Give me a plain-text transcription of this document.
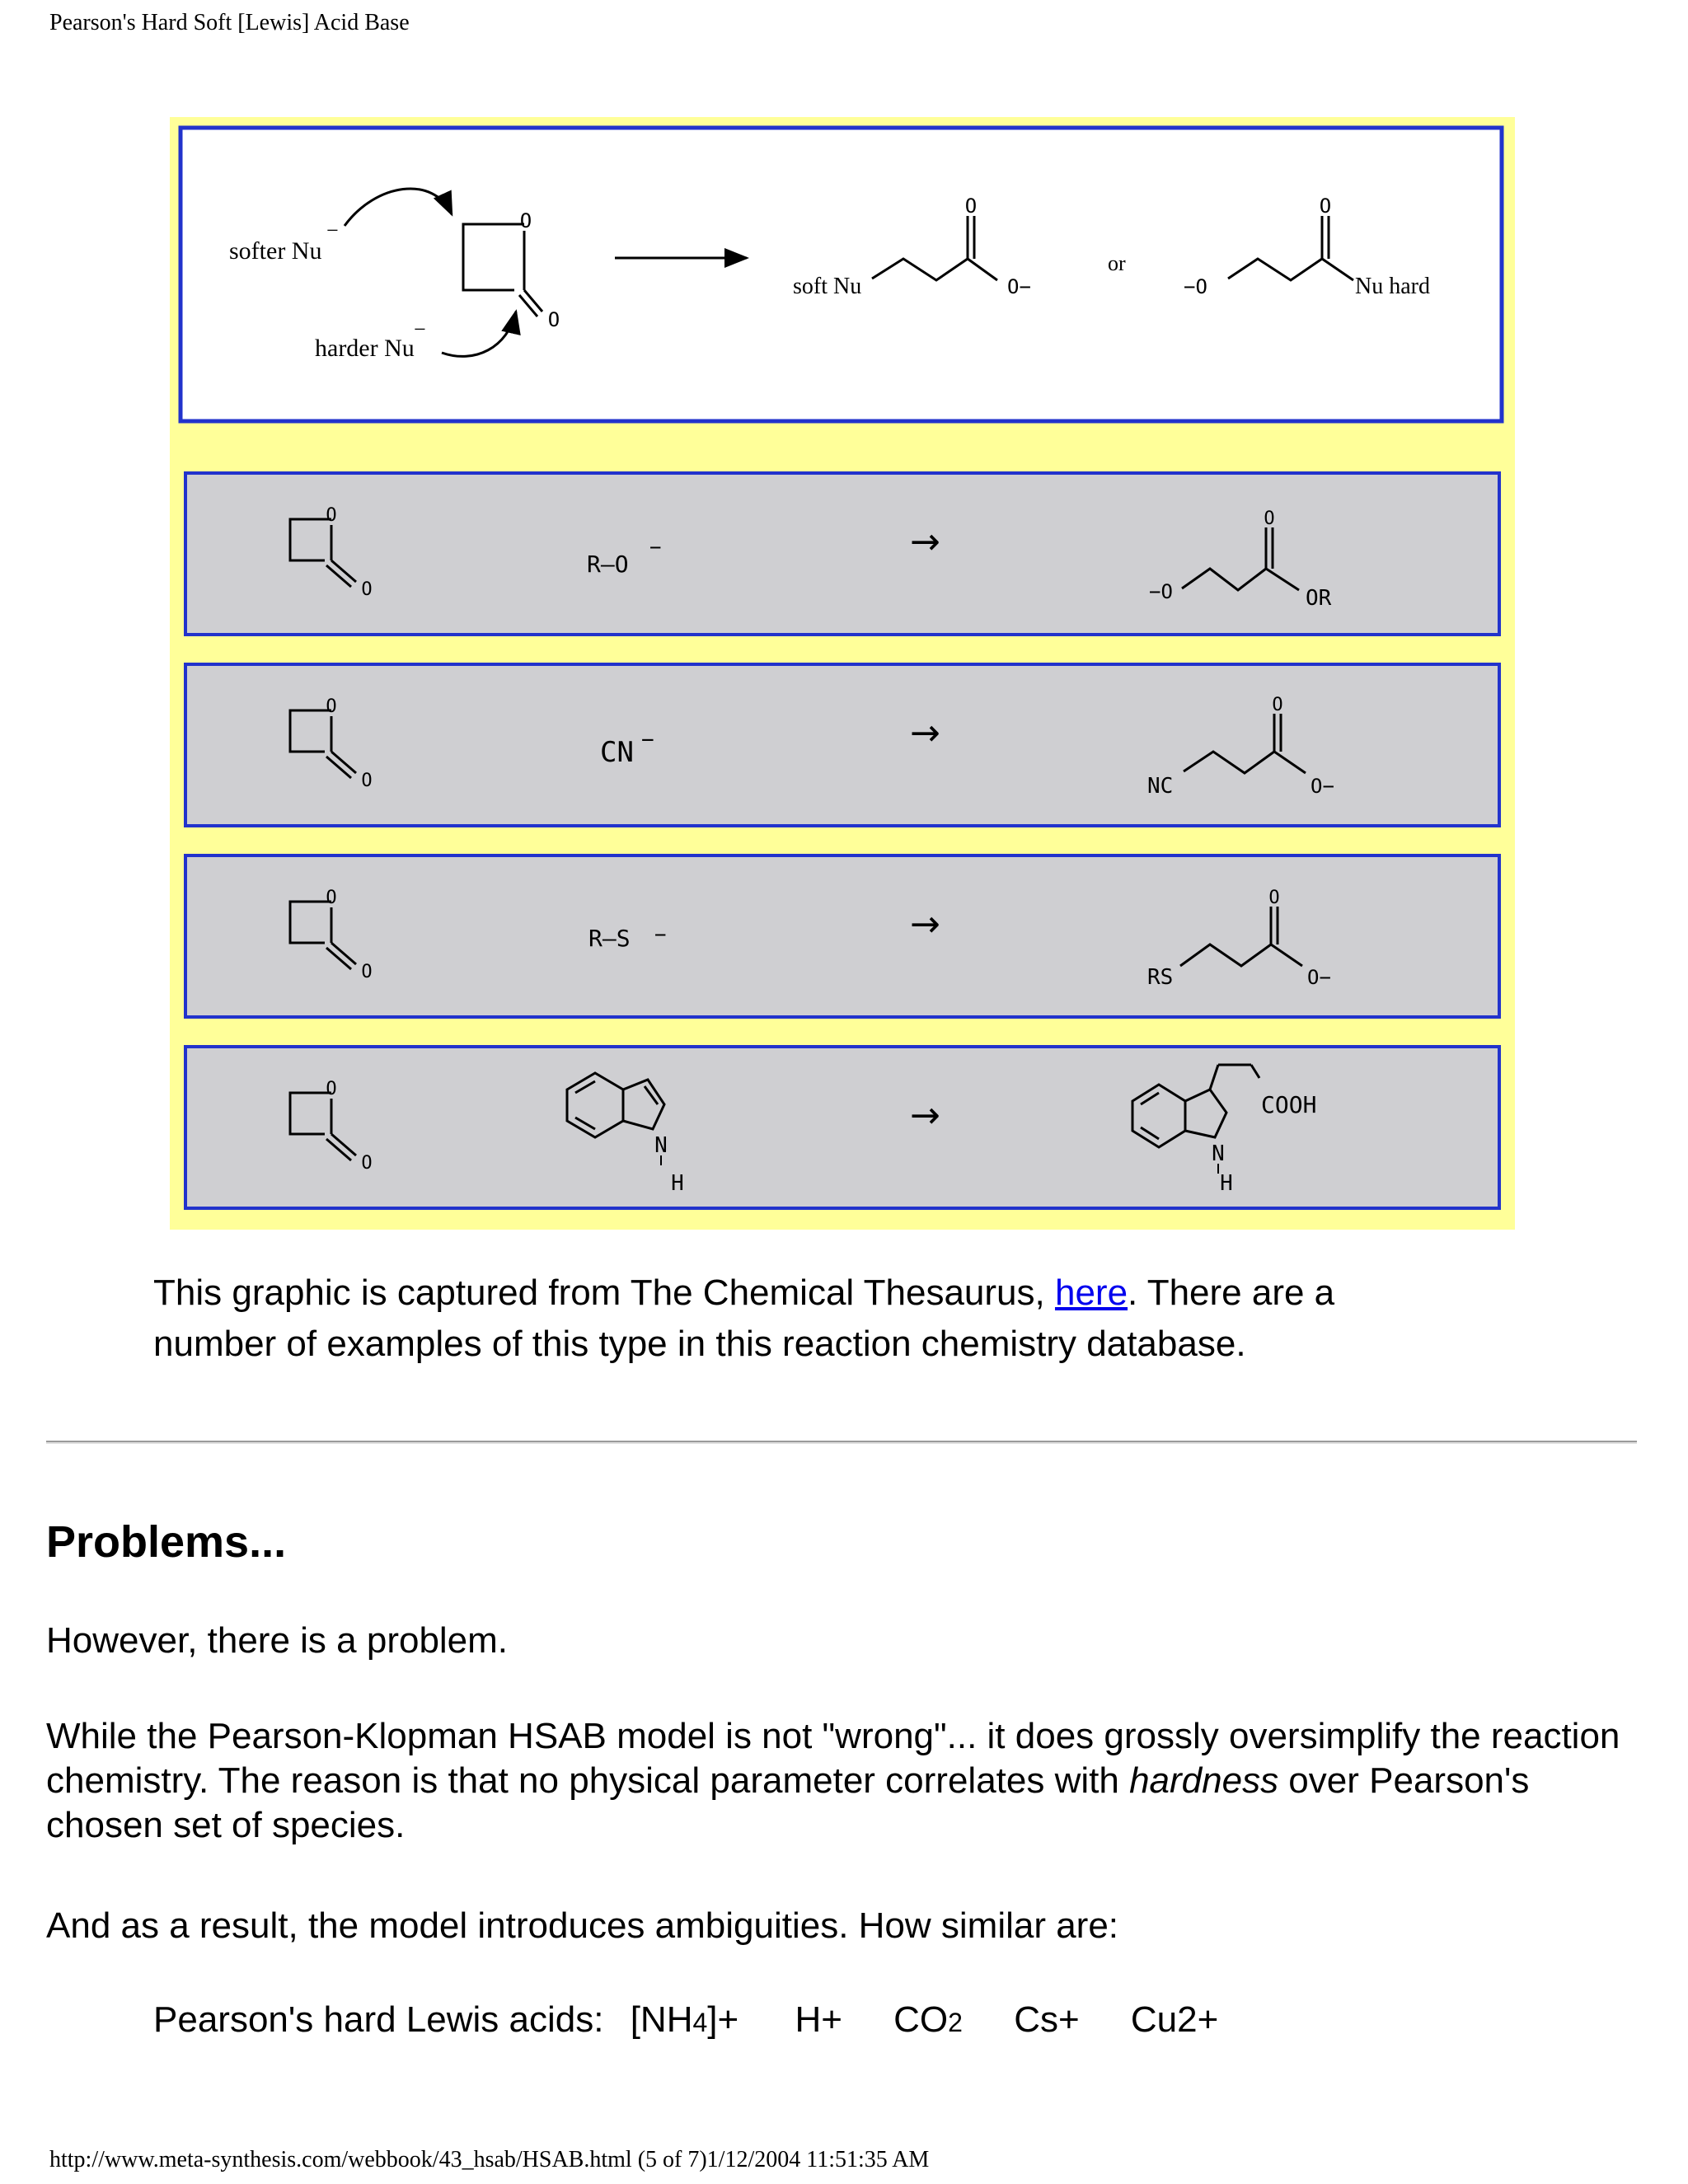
Pearson's Hard Soft [Lewis] Acid Base
softer Nu
−
harder Nu
−
O
O
soft Nu
O
O−
or
−O
O
Nu hard
R—O
−	→
−O
O
OR
CN −	→
NC
O
O−
R—S −	→
RS
O
O−
N
H
→	COOH
N
H
This graphic is captured from The Chemical Thesaurus, here. There are a number of examples of this type in this reaction chemistry database.
Problems...
However, there is a problem.
While the Pearson-Klopman HSAB model is not "wrong"... it does grossly oversimplify the reaction chemistry. The reason is that no physical parameter correlates with hardness over Pearson's chosen set of species.
And as a result, the model introduces ambiguities. How similar are:
Pearson's hard Lewis acids: [NH4]+ H+ CO2 Cs+ Cu2+
http://www.meta-synthesis.com/webbook/43_hsab/HSAB.html (5 of 7)1/12/2004 11:51:35 AM
